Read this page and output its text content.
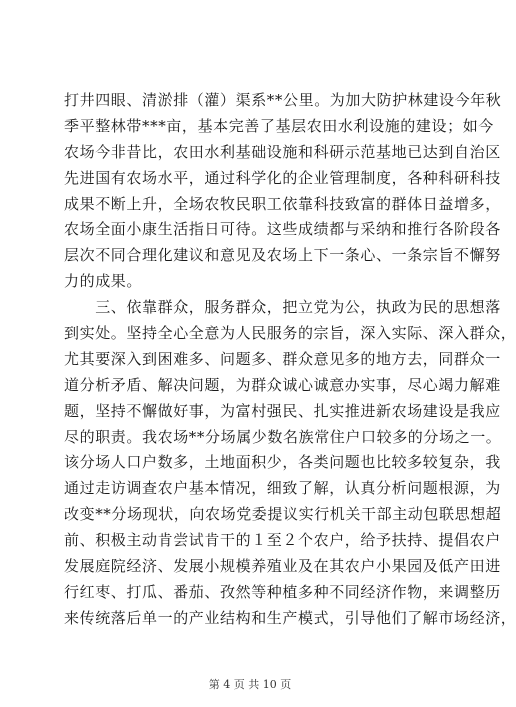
打井四眼、清淤排（灌）渠系**公里。为加大防护林建设今年秋
季平整林带***亩，基本完善了基层农田水利设施的建设；如今
农场今非昔比，农田水利基础设施和科研示范基地已达到自治区
先进国有农场水平，通过科学化的企业管理制度，各种科研科技
成果不断上升，全场农牧民职工依靠科技致富的群体日益增多，
农场全面小康生活指日可待。这些成绩都与采纳和推行各阶段各
层次不同合理化建议和意见及农场上下一条心、一条宗旨不懈努
力的成果。
　　三、依靠群众，服务群众，把立党为公，执政为民的思想落
到实处。坚持全心全意为人民服务的宗旨，深入实际、深入群众，
尤其要深入到困难多、问题多、群众意见多的地方去，同群众一
道分析矛盾、解决问题，为群众诚心诚意办实事，尽心竭力解难
题，坚持不懈做好事，为富村强民、扎实推进新农场建设是我应
尽的职责。我农场**分场属少数名族常住户口较多的分场之一。
该分场人口户数多，土地面积少，各类问题也比较多较复杂，我
通过走访调查农户基本情况，细致了解，认真分析问题根源，为
改变**分场现状，向农场党委提议实行机关干部主动包联思想超
前、积极主动肯尝试肯干的１至２个农户，给予扶持、提倡农户
发展庭院经济、发展小规模养殖业及在其农户小果园及低产田进
行红枣、打瓜、番茄、孜然等种植多种不同经济作物，来调整历
来传统落后单一的产业结构和生产模式，引导他们了解市场经济，
第 4 页 共 10 页
